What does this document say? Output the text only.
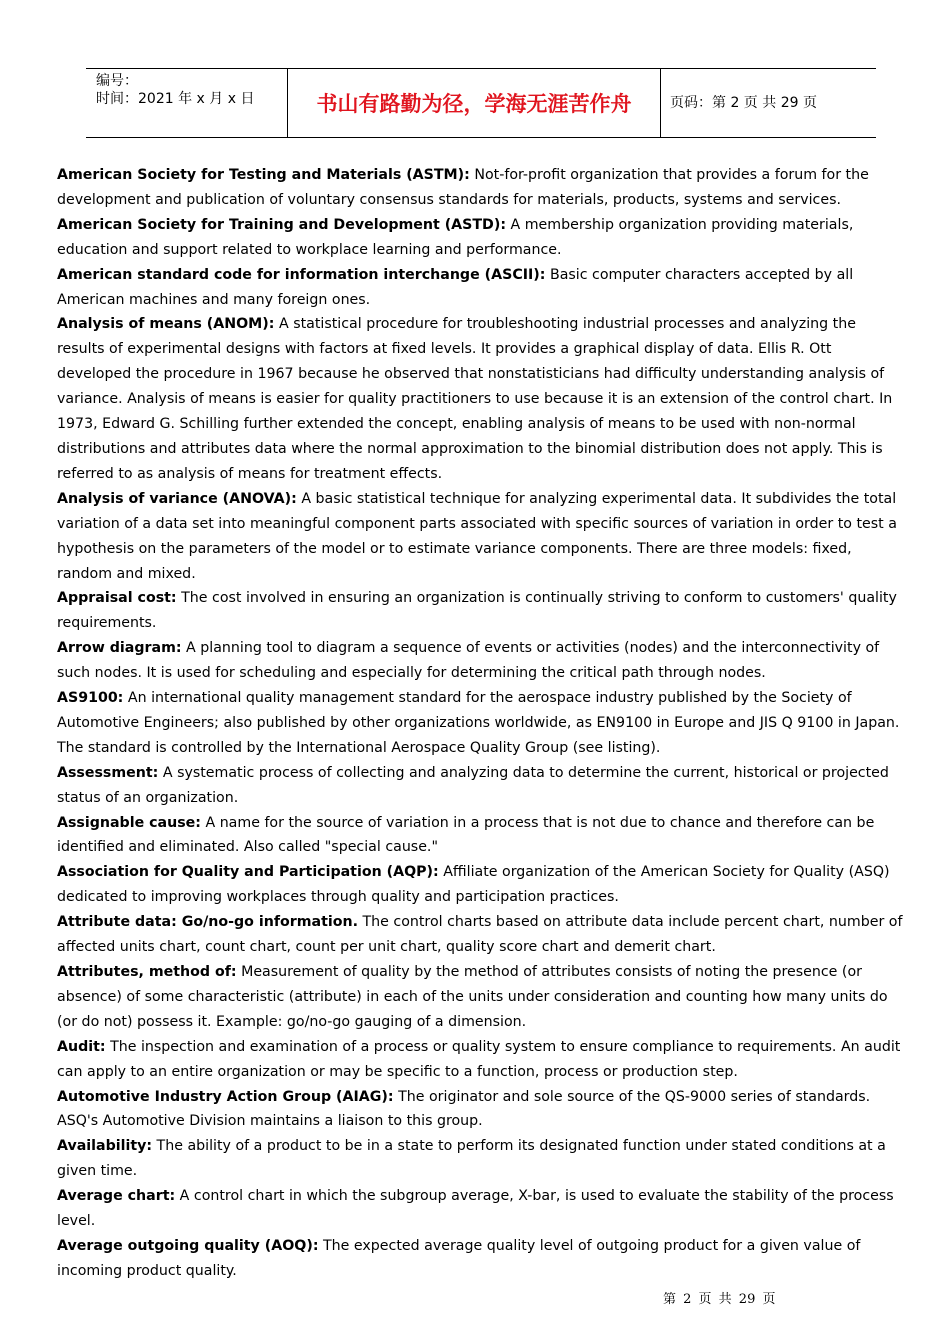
编号：
时间：2021 年 x 月 x 日	书山有路勤为径，学海无涯苦作舟	页码：第 2 页 共 29 页

American Society for Testing and Materials (ASTM): Not-for-profit organization that provides a forum for the development and publication of voluntary consensus standards for materials, products, systems and services.

American Society for Training and Development (ASTD): A membership organization providing materials, education and support related to workplace learning and performance.

American standard code for information interchange (ASCII): Basic computer characters accepted by all American machines and many foreign ones.

Analysis of means (ANOM): A statistical procedure for troubleshooting industrial processes and analyzing the results of experimental designs with factors at fixed levels. It provides a graphical display of data. Ellis R. Ott developed the procedure in 1967 because he observed that nonstatisticians had difficulty understanding analysis of variance. Analysis of means is easier for quality practitioners to use because it is an extension of the control chart. In 1973, Edward G. Schilling further extended the concept, enabling analysis of means to be used with non-normal distributions and attributes data where the normal approximation to the binomial distribution does not apply. This is referred to as analysis of means for treatment effects.

Analysis of variance (ANOVA): A basic statistical technique for analyzing experimental data. It subdivides the total variation of a data set into meaningful component parts associated with specific sources of variation in order to test a hypothesis on the parameters of the model or to estimate variance components. There are three models: fixed, random and mixed.

Appraisal cost: The cost involved in ensuring an organization is continually striving to conform to customers' quality requirements.

Arrow diagram: A planning tool to diagram a sequence of events or activities (nodes) and the interconnectivity of such nodes. It is used for scheduling and especially for determining the critical path through nodes.

AS9100: An international quality management standard for the aerospace industry published by the Society of Automotive Engineers; also published by other organizations worldwide, as EN9100 in Europe and JIS Q 9100 in Japan. The standard is controlled by the International Aerospace Quality Group (see listing).

Assessment: A systematic process of collecting and analyzing data to determine the current, historical or projected status of an organization.

Assignable cause: A name for the source of variation in a process that is not due to chance and therefore can be identified and eliminated. Also called "special cause."

Association for Quality and Participation (AQP): Affiliate organization of the American Society for Quality (ASQ) dedicated to improving workplaces through quality and participation practices.

Attribute data: Go/no-go information. The control charts based on attribute data include percent chart, number of affected units chart, count chart, count per unit chart, quality score chart and demerit chart.

Attributes, method of: Measurement of quality by the method of attributes consists of noting the presence (or absence) of some characteristic (attribute) in each of the units under consideration and counting how many units do (or do not) possess it. Example: go/no-go gauging of a dimension.

Audit: The inspection and examination of a process or quality system to ensure compliance to requirements. An audit can apply to an entire organization or may be specific to a function, process or production step.

Automotive Industry Action Group (AIAG): The originator and sole source of the QS-9000 series of standards. ASQ's Automotive Division maintains a liaison to this group.

Availability: The ability of a product to be in a state to perform its designated function under stated conditions at a given time.

Average chart: A control chart in which the subgroup average, X-bar, is used to evaluate the stability of the process level.

Average outgoing quality (AOQ): The expected average quality level of outgoing product for a given value of incoming product quality.

第 2 页 共 29 页
